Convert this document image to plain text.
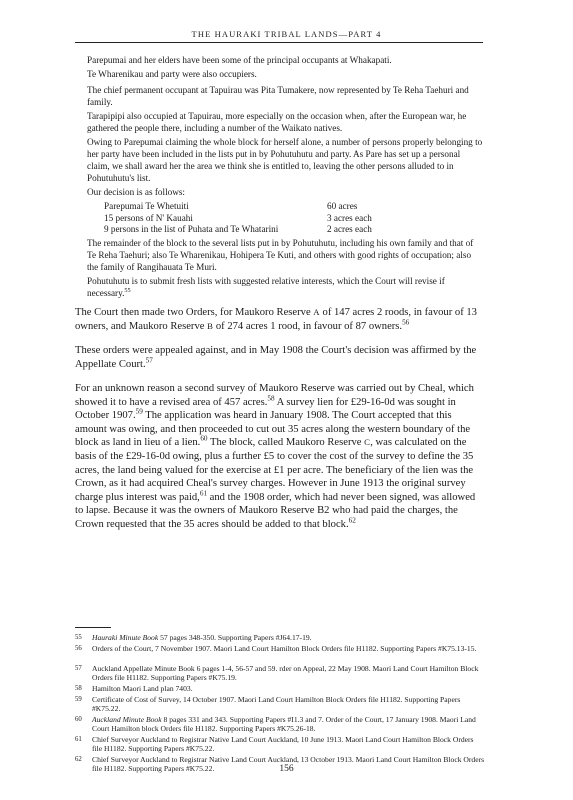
THE HAURAKI TRIBAL LANDS—PART 4

Parepumai and her elders have been some of the principal occupants at Whakapati.

Te Wharenikau and party were also occupiers.

The chief permanent occupant at Tapuirau was Pita Tumakere, now represented by Te Reha Taehuri and family.

Tarapipipi also occupied at Tapuirau, more especially on the occasion when, after the European war, he gathered the people there, including a number of the Waikato natives.

Owing to Parepumai claiming the whole block for herself alone, a number of persons properly belonging to her party have been included in the lists put in by Pohutuhutu and party. As Pare has set up a personal claim, we shall award her the area we think she is entitled to, leaving the other persons alluded to in Pohutuhutu's list.

Our decision is as follows:

Parepumai Te Whetuiti	60 acres
15 persons of N' Kauahi	3 acres each
9 persons in the list of Puhata and Te Whatarini	2 acres each

The remainder of the block to the several lists put in by Pohutuhutu, including his own family and that of Te Reha Taehuri; also Te Wharenikau, Hohipera Te Kuti, and others with good rights of occupation; also the family of Rangihauata Te Muri.

Pohutuhutu is to submit fresh lists with suggested relative interests, which the Court will revise if necessary.$^{55}$

The Court then made two Orders, for Maukoro Reserve A of 147 acres 2 roods, in favour of 13 owners, and Maukoro Reserve B of 274 acres 1 rood, in favour of 87 owners.$^{56}$

These orders were appealed against, and in May 1908 the Court's decision was affirmed by the Appellate Court.$^{57}$

For an unknown reason a second survey of Maukoro Reserve was carried out by Cheal, which showed it to have a revised area of 457 acres.$^{58}$ A survey lien for £29-16-0d was sought in October 1907.59 The application was heard in January 1908. The Court accepted that this amount was owing, and then proceeded to cut out 35 acres along the western boundary of the block as land in lieu of a lien.$^{60}$ The block, called Maukoro Reserve C, was calculated on the basis of the £29-16-0d owing, plus a further £5 to cover the cost of the survey to define the 35 acres, the land being valued for the exercise at £1 per acre. The beneficiary of the lien was the Crown, as it had acquired Cheal's survey charges. However in June 1913 the original survey charge plus interest was paid,$^{61}$ and the 1908 order, which had never been signed, was allowed to lapse. Because it was the owners of Maukoro Reserve B2 who had paid the charges, the Crown requested that the 35 acres should be added to that block.$^{62}$

55	Hauraki Minute Book 57 pages 348-350. Supporting Papers #J64.17-19.
56	Orders of the Court, 7 November 1907. Maori Land Court Hamilton Block Orders file H1182. Supporting Papers #K75.13-15.
57	Auckland Appellate Minute Book 6 pages 1-4, 56-57 and 59. rder on Appeal, 22 May 1908. Maori Land Court Hamilton Block Orders file H1182. Supporting Papers #K75.19.
58	Hamilton Maori Land plan 7403.
59	Certificate of Cost of Survey, 14 October 1907. Maori Land Court Hamilton Block Orders file H1182. Supporting Papers #K75.22.
60	Auckland Minute Book 8 pages 331 and 343. Supporting Papers #I1.3 and 7. Order of the Court, 17 January 1908. Maori Land Court Hamilton block Orders file H1182. Supporting Papers #K75.26-18.
61	Chief Surveyor Auckland to Registrar Native Land Court Auckland, 10 June 1913. Maori Land Court Hamilton Block Orders file H1182. Supporting Papers #K75.22.
62	Chief Surveyor Auckland to Registrar Native Land Court Auckland, 13 October 1913. Maori Land Court Hamilton Block Orders file H1182. Supporting Papers #K75.22.	156
